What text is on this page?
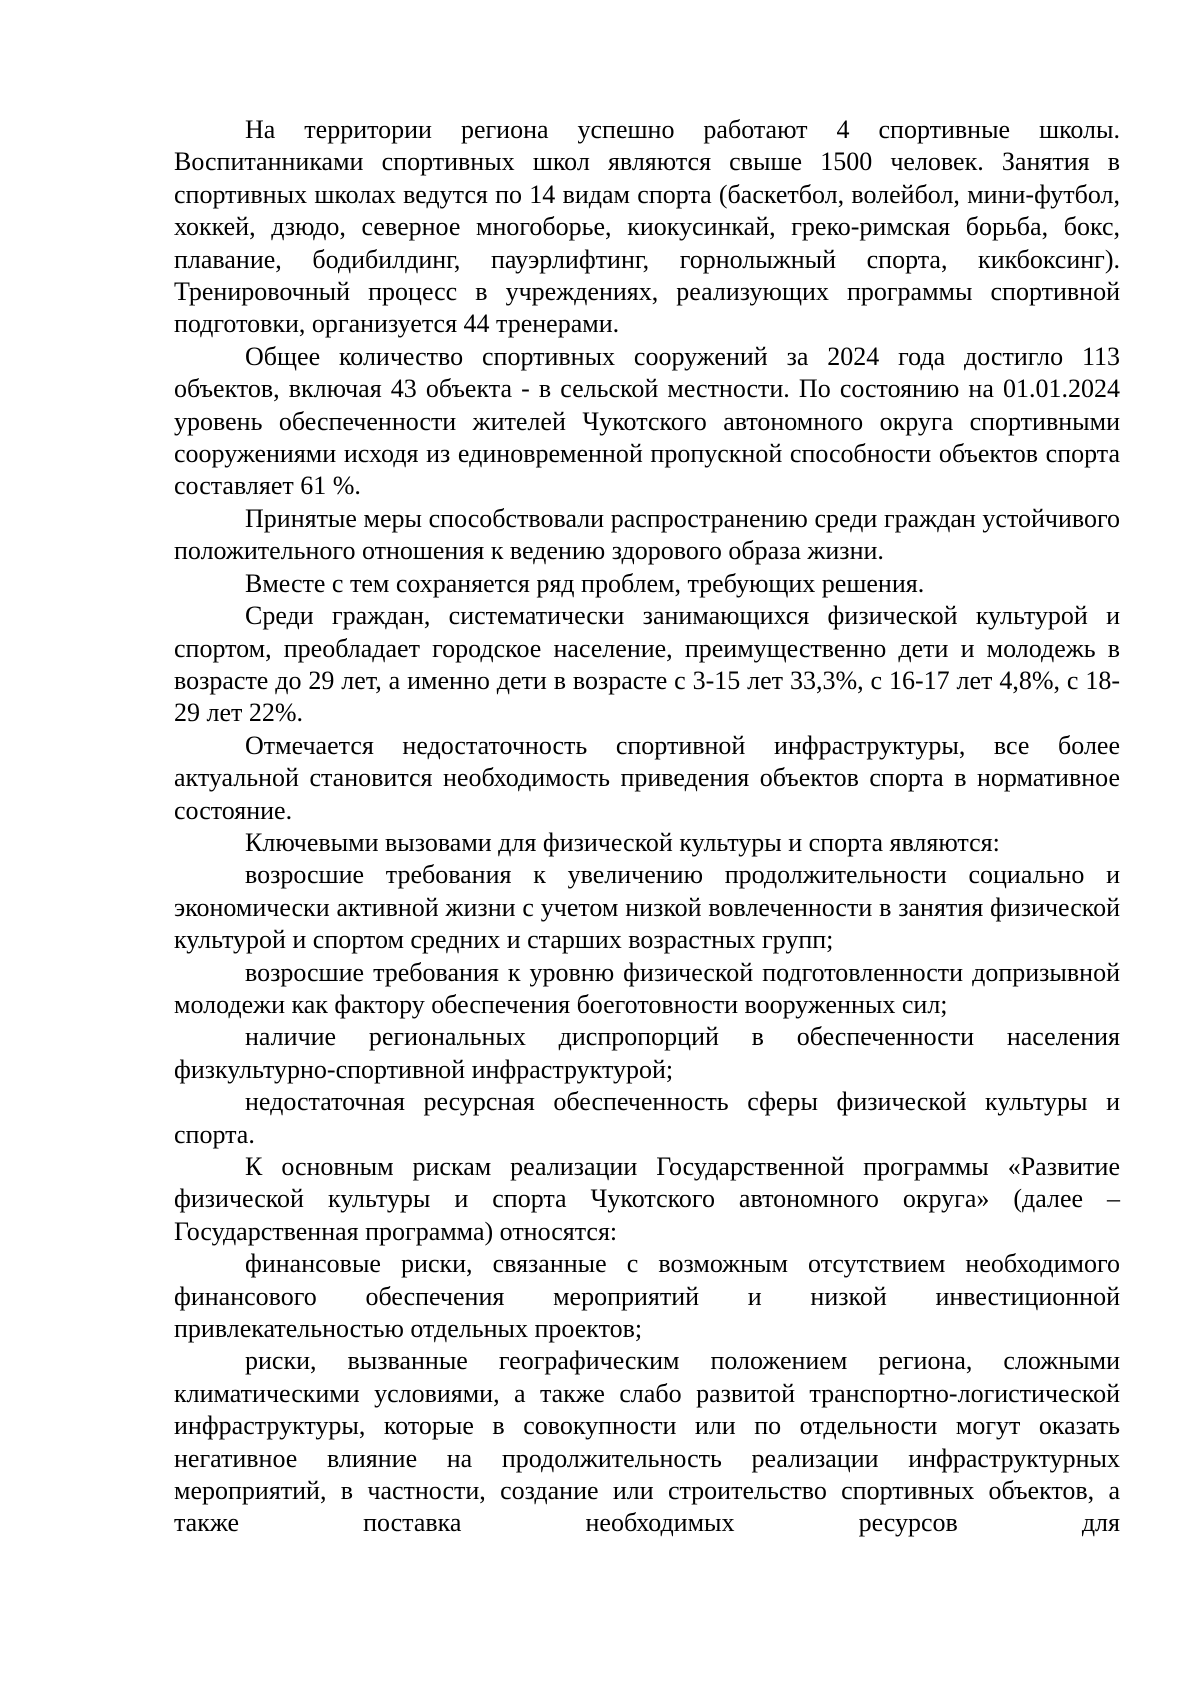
На территории региона успешно работают 4 спортивные школы. Воспитанниками спортивных школ являются свыше 1500 человек. Занятия в спортивных школах ведутся по 14 видам спорта (баскетбол, волейбол, мини-футбол, хоккей, дзюдо, северное многоборье, киокусинкай, греко-римская борьба, бокс, плавание, бодибилдинг, пауэрлифтинг, горнолыжный спорта, кикбоксинг). Тренировочный процесс в учреждениях, реализующих программы спортивной подготовки, организуется 44 тренерами.

Общее количество спортивных сооружений за 2024 года достигло 113 объектов, включая 43 объекта - в сельской местности. По состоянию на 01.01.2024 уровень обеспеченности жителей Чукотского автономного округа спортивными сооружениями исходя из единовременной пропускной способности объектов спорта составляет 61 %.

Принятые меры способствовали распространению среди граждан устойчивого положительного отношения к ведению здорового образа жизни.

Вместе с тем сохраняется ряд проблем, требующих решения.

Среди граждан, систематически занимающихся физической культурой и спортом, преобладает городское население, преимущественно дети и молодежь в возрасте до 29 лет, а именно дети в возрасте с 3-15 лет 33,3%, с 16-17 лет 4,8%, с 18-29 лет 22%.

Отмечается недостаточность спортивной инфраструктуры, все более актуальной становится необходимость приведения объектов спорта в нормативное состояние.

Ключевыми вызовами для физической культуры и спорта являются:

возросшие требования к увеличению продолжительности социально и экономически активной жизни с учетом низкой вовлеченности в занятия физической культурой и спортом средних и старших возрастных групп;

возросшие требования к уровню физической подготовленности допризывной молодежи как фактору обеспечения боеготовности вооруженных сил;

наличие региональных диспропорций в обеспеченности населения физкультурно-спортивной инфраструктурой;

недостаточная ресурсная обеспеченность сферы физической культуры и спорта.

К основным рискам реализации Государственной программы «Развитие физической культуры и спорта Чукотского автономного округа» (далее – Государственная программа) относятся:

финансовые риски, связанные с возможным отсутствием необходимого финансового обеспечения мероприятий и низкой инвестиционной привлекательностью отдельных проектов;

риски, вызванные географическим положением региона, сложными климатическими условиями, а также слабо развитой транспортно-логистической инфраструктуры, которые в совокупности или по отдельности могут оказать негативное влияние на продолжительность реализации инфраструктурных мероприятий, в частности, создание или строительство спортивных объектов, а также поставка необходимых ресурсов для
